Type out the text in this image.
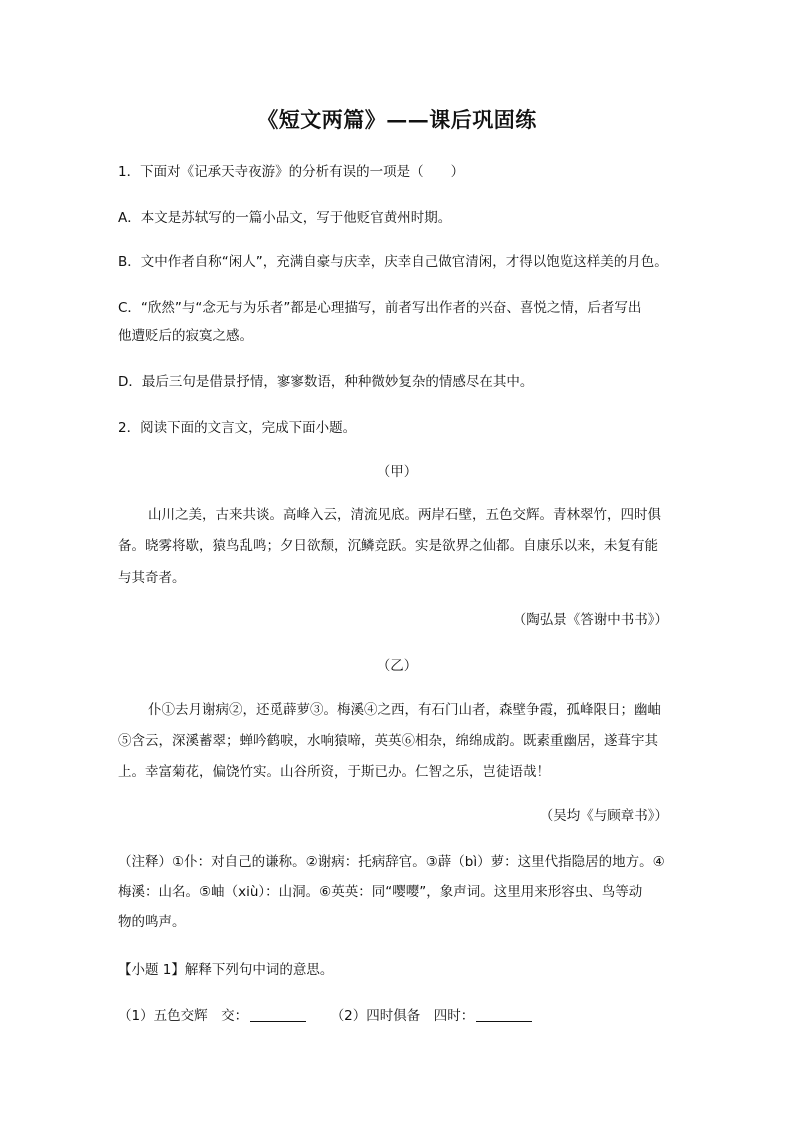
《短文两篇》——课后巩固练
1．下面对《记承天寺夜游》的分析有误的一项是（　　）
A．本文是苏轼写的一篇小品文，写于他贬官黄州时期。
B．文中作者自称“闲人”，充满自豪与庆幸，庆幸自己做官清闲，才得以饱览这样美的月色。
C．“欣然”与“念无与为乐者”都是心理描写，前者写出作者的兴奋、喜悦之情，后者写出
他遭贬后的寂寞之感。
D．最后三句是借景抒情，寥寥数语，种种微妙复杂的情感尽在其中。
2．阅读下面的文言文，完成下面小题。
（甲）
山川之美，古来共谈。高峰入云，清流见底。两岸石壁，五色交辉。青林翠竹，四时俱
备。晓雾将歇，猿鸟乱鸣；夕日欲颓，沉鳞竞跃。实是欲界之仙都。自康乐以来，未复有能
与其奇者。
（陶弘景《答谢中书书》）
（乙）
仆①去月谢病②，还觅薜萝③。梅溪④之西，有石门山者，森壁争霞，孤峰限日；幽岫
⑤含云，深溪蓄翠；蝉吟鹤唳，水响猿啼，英英⑥相杂，绵绵成韵。既素重幽居，遂葺宇其
上。幸富菊花，偏饶竹实。山谷所资，于斯已办。仁智之乐，岂徒语哉！
（吴均《与顾章书》）
（注释）①仆：对自己的谦称。②谢病：托病辞官。③薜（bì）萝：这里代指隐居的地方。④
梅溪：山名。⑤岫（xiù）：山洞。⑥英英：同“嘤嘤”，象声词。这里用来形容虫、鸟等动
物的鸣声。
【小题 1】解释下列句中词的意思。
（1）五色交辉　交：	（2）四时俱备　四时：
